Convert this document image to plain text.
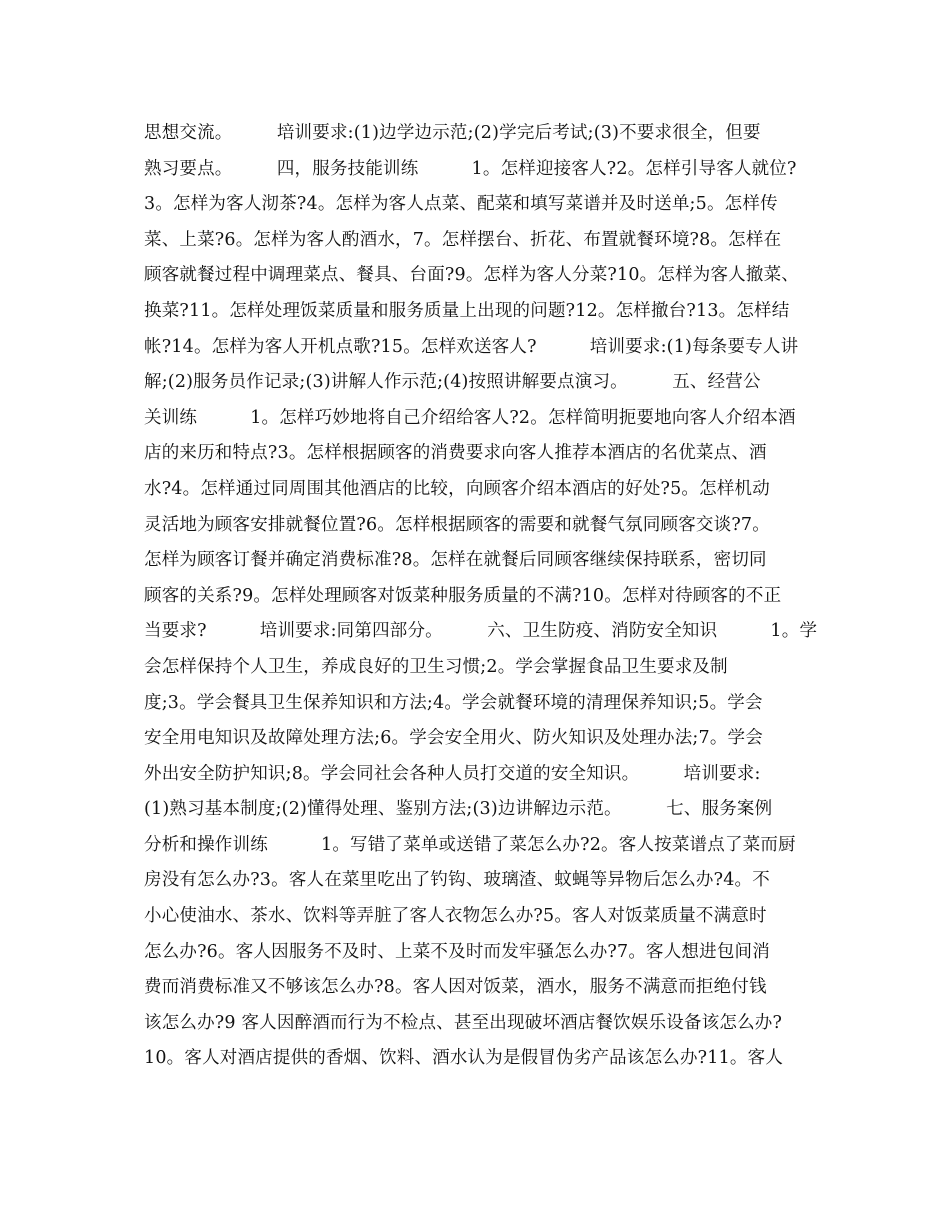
思想交流。　　　培训要求:(1)边学边示范;(2)学完后考试;(3)不要求很全，但要
熟习要点。　　　四，服务技能训练　　　1。怎样迎接客人?2。怎样引导客人就位?
3。怎样为客人沏茶?4。怎样为客人点菜、配菜和填写菜谱并及时送单;5。怎样传
菜、上菜?6。怎样为客人酌酒水，7。怎样摆台、折花、布置就餐环境?8。怎样在
顾客就餐过程中调理菜点、餐具、台面?9。怎样为客人分菜?10。怎样为客人撤菜、
换菜?11。怎样处理饭菜质量和服务质量上出现的问题?12。怎样撤台?13。怎样结
帐?14。怎样为客人开机点歌?15。怎样欢送客人?　　　培训要求:(1)每条要专人讲
解;(2)服务员作记录;(3)讲解人作示范;(4)按照讲解要点演习。　　　五、经营公
关训练　　　1。怎样巧妙地将自己介绍给客人?2。怎样简明扼要地向客人介绍本酒
店的来历和特点?3。怎样根据顾客的消费要求向客人推荐本酒店的名优菜点、酒
水?4。怎样通过同周围其他酒店的比较，向顾客介绍本酒店的好处?5。怎样机动
灵活地为顾客安排就餐位置?6。怎样根据顾客的需要和就餐气氛同顾客交谈?7。
怎样为顾客订餐并确定消费标准?8。怎样在就餐后同顾客继续保持联系，密切同
顾客的关系?9。怎样处理顾客对饭菜种服务质量的不满?10。怎样对待顾客的不正
当要求?　　　培训要求:同第四部分。　　　六、卫生防疫、消防安全知识　　　1。学
会怎样保持个人卫生，养成良好的卫生习惯;2。学会掌握食品卫生要求及制
度;3。学会餐具卫生保养知识和方法;4。学会就餐环境的清理保养知识;5。学会
安全用电知识及故障处理方法;6。学会安全用火、防火知识及处理办法;7。学会
外出安全防护知识;8。学会同社会各种人员打交道的安全知识。　　　培训要求:
(1)熟习基本制度;(2)懂得处理、鉴别方法;(3)边讲解边示范。　　　七、服务案例
分析和操作训练　　　1。写错了菜单或送错了菜怎么办?2。客人按菜谱点了菜而厨
房没有怎么办?3。客人在菜里吃出了钓钩、玻璃渣、蚊蝇等异物后怎么办?4。不
小心使油水、茶水、饮料等弄脏了客人衣物怎么办?5。客人对饭菜质量不满意时
怎么办?6。客人因服务不及时、上菜不及时而发牢骚怎么办?7。客人想进包间消
费而消费标准又不够该怎么办?8。客人因对饭菜，酒水，服务不满意而拒绝付钱
该怎么办?9 客人因醉酒而行为不检点、甚至出现破坏酒店餐饮娱乐设备该怎么办?
10。客人对酒店提供的香烟、饮料、酒水认为是假冒伪劣产品该怎么办?11。客人
